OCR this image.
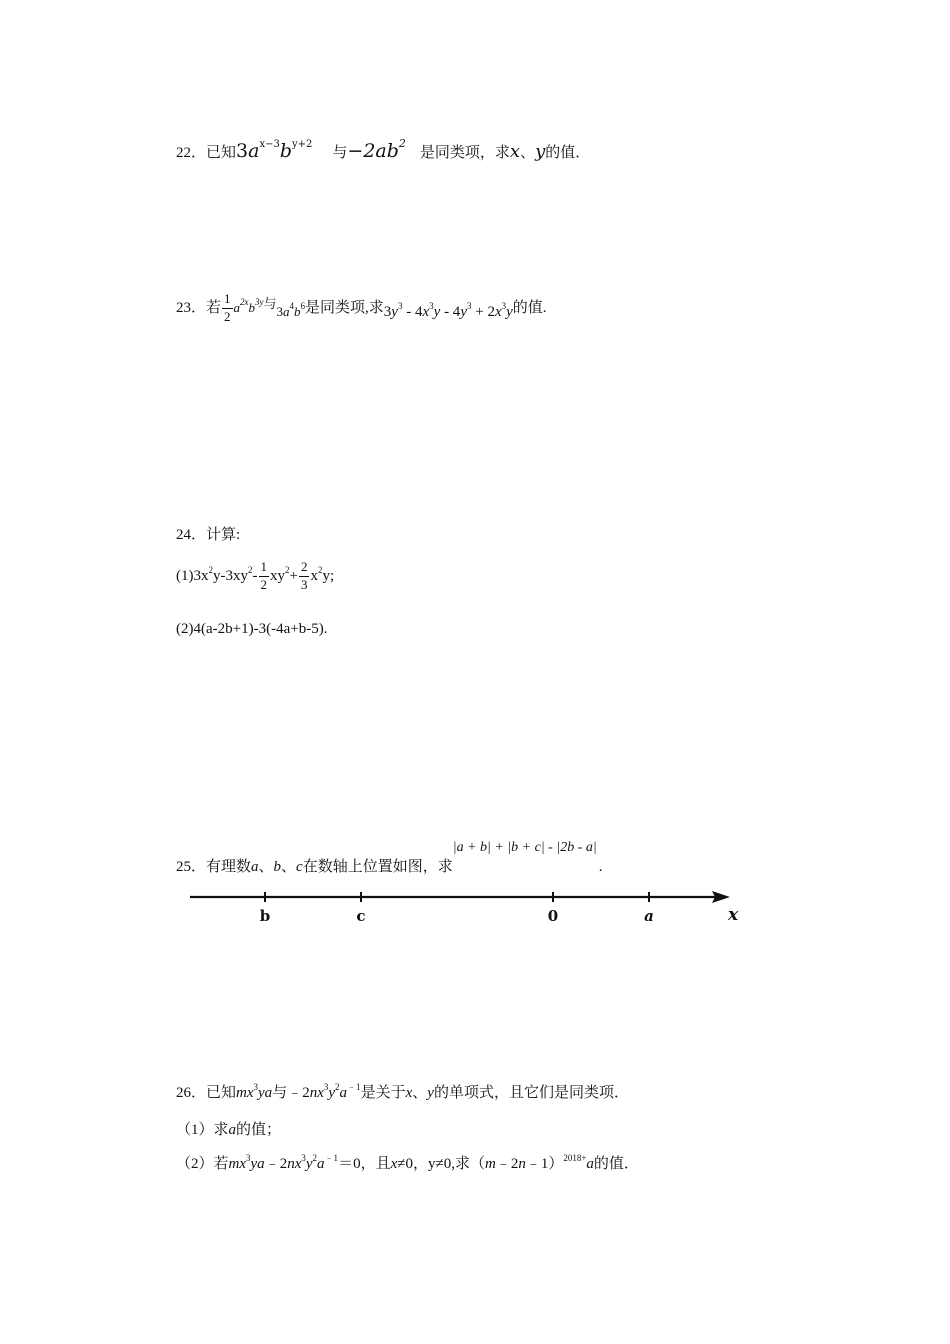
22．已知$3a^{x-3}b^{y+2}$与$-2ab^2$是同类项，求x、y的值．
23．若 $\frac{1}{2} a^{2x}b^{3y}$与$3a^4b^6$是同类项,求$3y^3 - 4x^3y - 4y^3 + 2x^3y$的值.
24．计算:
$(1)3x^2y-3xy^2- \frac{1}{2} xy^2+ \frac{2}{3} x^2y$;
(2)4(a-2b+1)-3(-4a+b-5).
25．有理数a、b、c在数轴上位置如图，求|a + b| + |b + c| - |2b - a|.
b	c	0	a	x
26．已知$mx^3ya$与$﹣2nx^3y^2a^{﹣1}$是关于x、y的单项式，且它们是同类项．
（1）求a的值；
（2）若$mx^3ya﹣2nx^3y^2a^{﹣1}=0$，且x≠0，y≠0,求（m﹣2n﹣1）$^{2018+}$a的值．
